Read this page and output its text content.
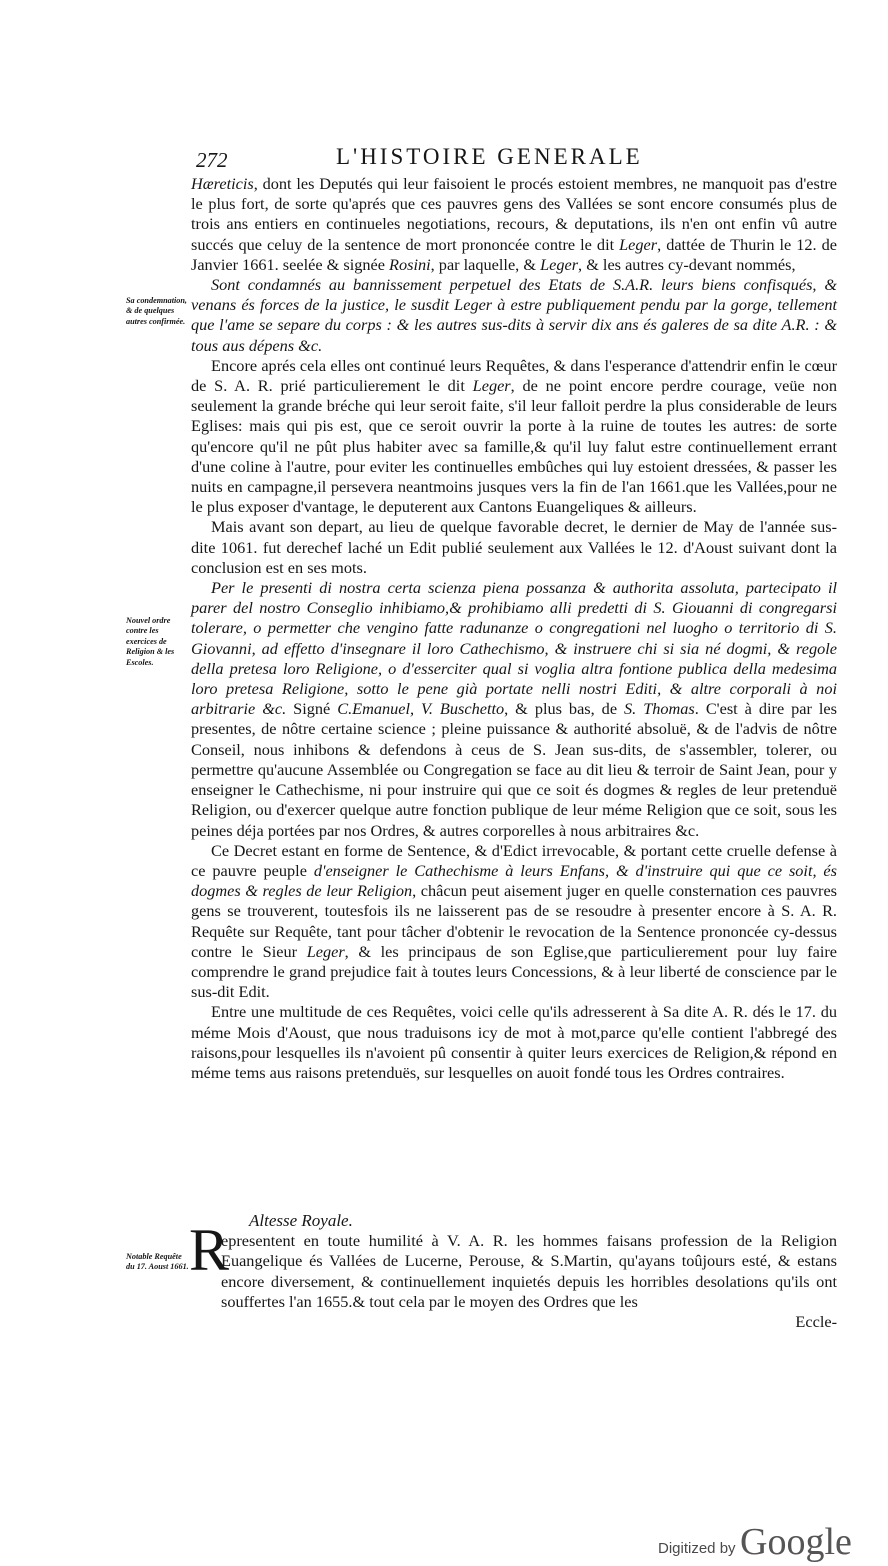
272	L'HISTOIRE GENERALE
Sa condemnation, & de quelques autres confirmée.
Nouvel ordre contre les exercices de Religion & les Escoles.
Notable Requête du 17. Aoust 1661.

Hæreticis, dont les Deputés qui leur faisoient le procés estoient membres, ne manquoit pas d'estre le plus fort, de sorte qu'aprés que ces pauvres gens des Vallées se sont encore consumés plus de trois ans entiers en continueles negotiations, recours, & deputations, ils n'en ont enfin vû autre succés que celuy de la sentence de mort prononcée contre le dit Leger, dattée de Thurin le 12. de Janvier 1661. seelée & signée Rosini, par laquelle, & Leger, & les autres cy-devant nommés,

Sont condamnés au bannissement perpetuel des Etats de S.A.R. leurs biens confisqués, & venans és forces de la justice, le susdit Leger à estre publiquement pendu par la gorge, tellement que l'ame se separe du corps : & les autres sus-dits à servir dix ans és galeres de sa dite A.R. : & tous aus dépens &c.

Encore aprés cela elles ont continué leurs Requêtes, & dans l'esperance d'attendrir enfin le cœur de S. A. R. prié particulierement le dit Leger, de ne point encore perdre courage, veüe non seulement la grande bréche qui leur seroit faite, s'il leur falloit perdre la plus considerable de leurs Eglises: mais qui pis est, que ce seroit ouvrir la porte à la ruine de toutes les autres: de sorte qu'encore qu'il ne pût plus habiter avec sa famille,& qu'il luy falut estre continuellement errant d'une coline à l'autre, pour eviter les continuelles embûches qui luy estoient dressées, & passer les nuits en campagne,il persevera neantmoins jusques vers la fin de l'an 1661.que les Vallées,pour ne le plus exposer d'vantage, le deputerent aux Cantons Euangeliques & ailleurs.

Mais avant son depart, au lieu de quelque favorable decret, le dernier de May de l'année sus-dite 1061. fut derechef laché un Edit publié seulement aux Vallées le 12. d'Aoust suivant dont la conclusion est en ses mots.

Per le presenti di nostra certa scienza piena possanza & authorita assoluta, partecipato il parer del nostro Conseglio inhibiamo,& prohibiamo alli predetti di S. Giouanni di congregarsi tolerare, o permetter che vengino fatte radunanze o congregationi nel luogho o territorio di S. Giovanni, ad effetto d'insegnare il loro Cathechismo, & instruere chi si sia né dogmi, & regole della pretesa loro Religione, o d'esserciter qual si voglia altra fontione publica della medesima loro pretesa Religione, sotto le pene già portate nelli nostri Editi, & altre corporali à noi arbitrarie &c. Signé C.Emanuel, V. Buschetto, & plus bas, de S. Thomas. C'est à dire par les presentes, de nôtre certaine science ; pleine puissance & authorité absoluë, & de l'advis de nôtre Conseil, nous inhibons & defendons à ceus de S. Jean sus-dits, de s'assembler, tolerer, ou permettre qu'aucune Assemblée ou Congregation se face au dit lieu & terroir de Saint Jean, pour y enseigner le Cathechisme, ni pour instruire qui que ce soit és dogmes & regles de leur pretenduë Religion, ou d'exercer quelque autre fonction publique de leur méme Religion que ce soit, sous les peines déja portées par nos Ordres, & autres corporelles à nous arbitraires &c.

Ce Decret estant en forme de Sentence, & d'Edict irrevocable, & portant cette cruelle defense à ce pauvre peuple d'enseigner le Cathechisme à leurs Enfans, & d'instruire qui que ce soit, és dogmes & regles de leur Religion, châcun peut aisement juger en quelle consternation ces pauvres gens se trouverent, toutesfois ils ne laisserent pas de se resoudre à presenter encore à S. A. R. Requête sur Requête, tant pour tâcher d'obtenir le revocation de la Sentence prononcée cy-dessus contre le Sieur Leger, & les principaus de son Eglise,que particulierement pour luy faire comprendre le grand prejudice fait à toutes leurs Concessions, & à leur liberté de conscience par le sus-dit Edit.

Entre une multitude de ces Requêtes, voici celle qu'ils adresserent à Sa dite A. R. dés le 17. du méme Mois d'Aoust, que nous traduisons icy de mot à mot,parce qu'elle contient l'abbregé des raisons,pour lesquelles ils n'avoient pû consentir à quiter leurs exercices de Religion,& répond en méme tems aus raisons pretenduës, sur lesquelles on auoit fondé tous les Ordres contraires.

Altesse Royale.

R
epresentent en toute humilité à V. A. R. les hommes faisans profession de la Religion Euangelique és Vallées de Lucerne, Perouse, & S.Martin, qu'ayans toûjours esté, & estans encore diversement, & continuellement inquietés depuis les horribles desolations qu'ils ont souffertes l'an 1655.& tout cela par le moyen des Ordres que les

Eccle-

Digitized by Google
